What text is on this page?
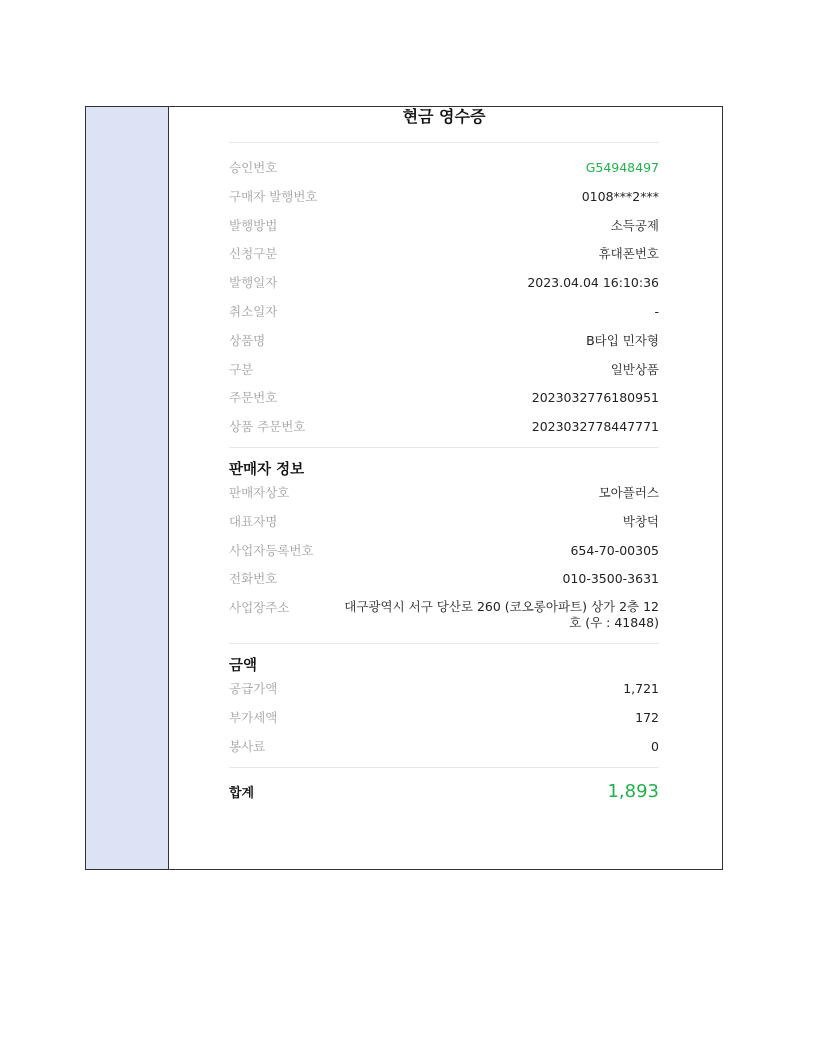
현금 영수증
승인번호	G54948497
구매자 발행번호	0108***2***
발행방법	소득공제
신청구분	휴대폰번호
발행일자	2023.04.04 16:10:36
취소일자	-
상품명	B타입 민자형
구분	일반상품
주문번호	2023032776180951
상품 주문번호	2023032778447771
판매자 정보
판매자상호	모아플러스
대표자명	박창덕
사업자등록번호	654-70-00305
전화번호	010-3500-3631
사업장주소	대구광역시 서구 당산로 260 (코오롱아파트) 상가 2층 12호 (우 : 41848)
금액
공급가액	1,721
부가세액	172
봉사료	0
합계	1,893
